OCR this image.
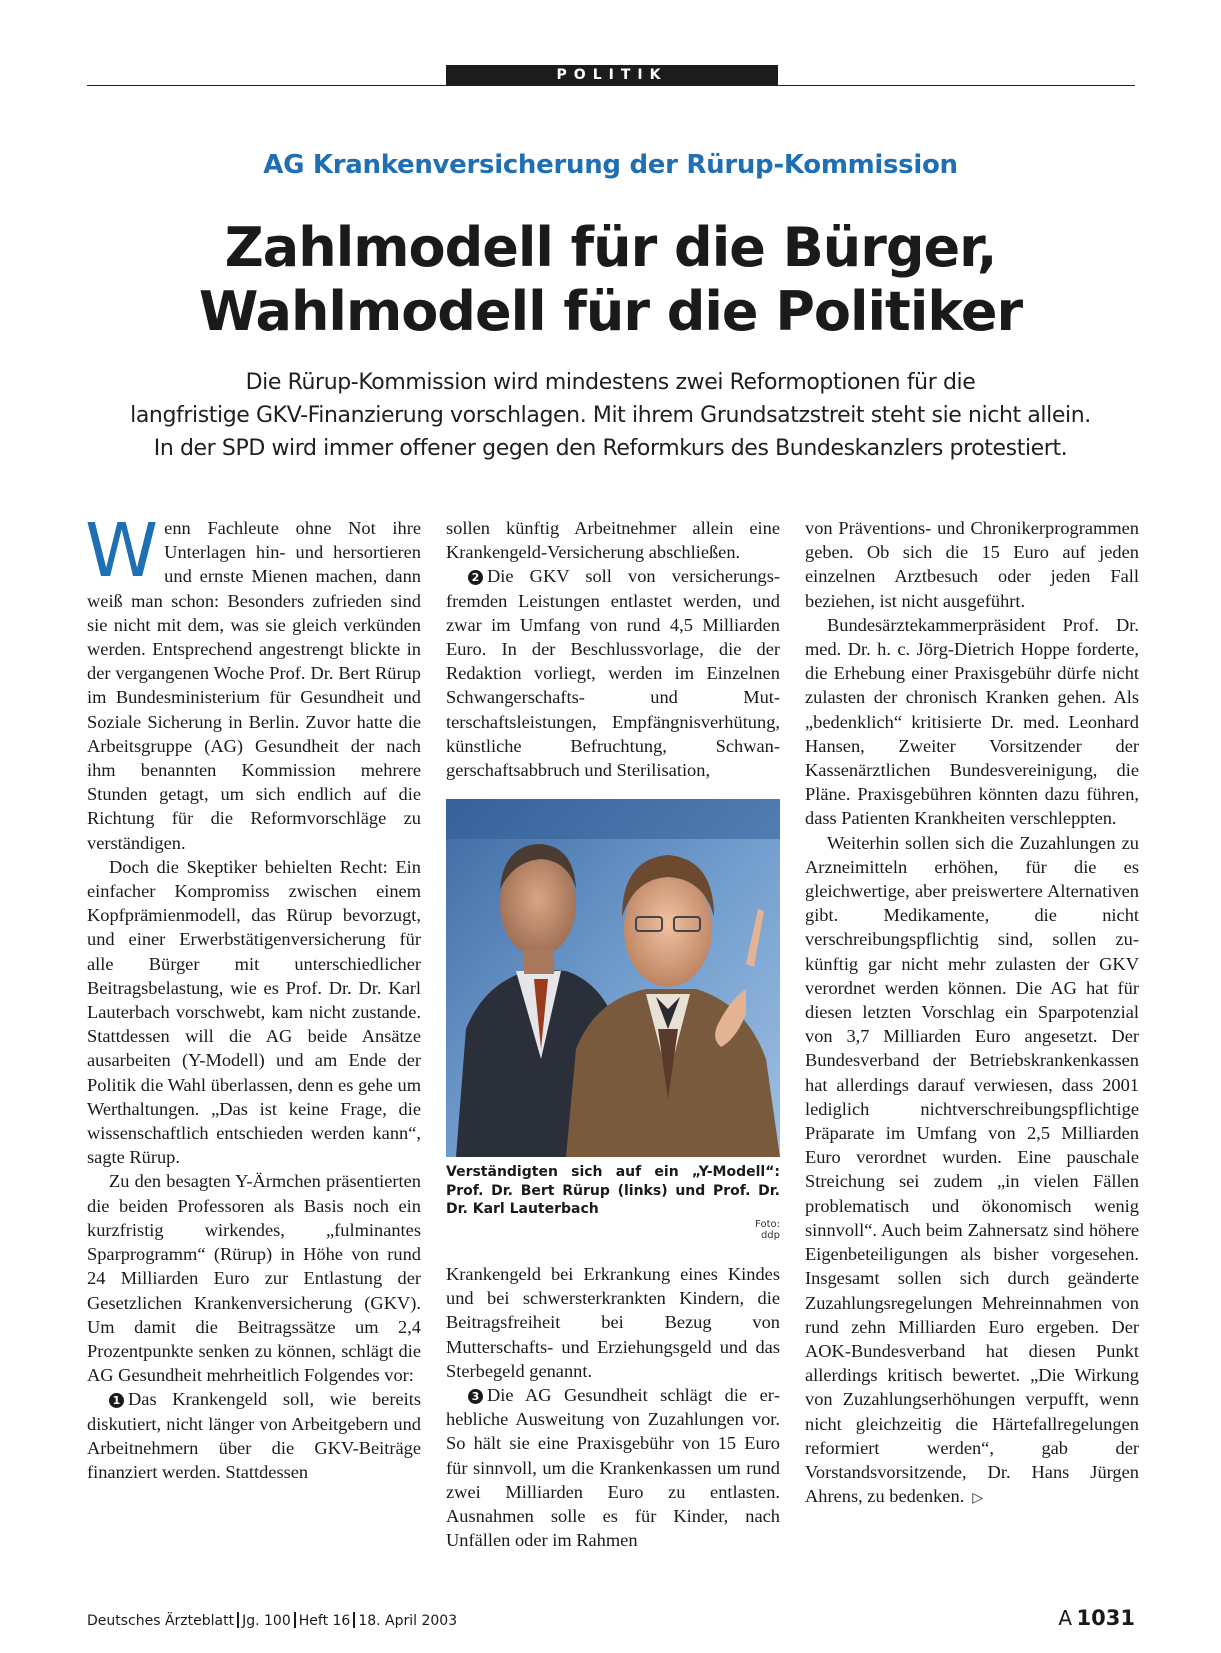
POLITIK
AG Krankenversicherung der Rürup-Kommission
Zahlmodell für die Bürger,
Wahlmodell für die Politiker
Die Rürup-Kommission wird mindestens zwei Reformoptionen für die
langfristige GKV-Finanzierung vorschlagen. Mit ihrem Grundsatzstreit steht sie nicht allein.
In der SPD wird immer offener gegen den Reformkurs des Bundeskanzlers protestiert.

Wenn Fachleute ohne Not ihre Unterlagen hin- und hersortieren und ernste Mienen machen, dann weiß man schon: Besonders zufrieden sind sie nicht mit dem, was sie gleich verkünden werden. Entsprechend angestrengt blickte in der vergangenen Woche Prof. Dr. Bert Rürup im Bundesministerium für Gesundheit und Soziale Sicherung in Berlin. Zuvor hatte die Arbeitsgruppe (AG) Gesundheit der nach ihm benannten Kommission mehrere Stunden getagt, um sich endlich auf die Richtung für die Reformvorschläge zu verständigen.

Doch die Skeptiker behielten Recht: Ein einfacher Kompromiss zwischen einem Kopfprämienmodell, das Rürup bevorzugt, und einer Erwerbstätigenversicherung für alle Bürger mit unterschiedlicher Beitragsbelastung, wie es Prof. Dr. Dr. Karl Lauterbach vorschwebt, kam nicht zustande. Stattdessen will die AG beide Ansätze ausarbeiten (Y-Modell) und am Ende der Politik die Wahl überlassen, denn es gehe um Werthaltungen. „Das ist keine Frage, die wissenschaftlich entschieden werden kann“, sagte Rürup.

Zu den besagten Y-Ärmchen präsentierten die beiden Professoren als Basis noch ein kurzfristig wirkendes, „fulminantes Sparprogramm“ (Rürup) in Höhe von rund 24 Milliarden Euro zur Entlastung der Gesetzlichen Krankenversicherung (GKV). Um damit die Beitragssätze um 2,4 Prozentpunkte senken zu können, schlägt die AG Gesundheit mehrheitlich Folgendes vor:

1 Das Krankengeld soll, wie bereits diskutiert, nicht länger von Arbeitgebern und Arbeitnehmern über die GKV-Beiträge finanziert werden. Stattdessen

sollen künftig Arbeitnehmer allein eine Krankengeld-Versicherung abschließen.

2 Die GKV soll von versicherungsfremden Leistungen entlastet werden, und zwar im Umfang von rund 4,5 Milliarden Euro. In der Beschlussvorlage, die der Redaktion vorliegt, werden im Einzelnen Schwangerschafts- und Mutterschaftsleistungen, Empfängnisverhütung, künstliche Befruchtung, Schwangerschaftsabbruch und Sterilisation,

Verständigten sich auf ein „Y-Modell“: Prof. Dr. Bert Rürup (links) und Prof. Dr. Dr. Karl Lauterbach
Foto: ddp

Krankengeld bei Erkrankung eines Kindes und bei schwersterkrankten Kindern, die Beitragsfreiheit bei Bezug von Mutterschafts- und Erziehungsgeld und das Sterbegeld genannt.

3 Die AG Gesundheit schlägt die erhebliche Ausweitung von Zuzahlungen vor. So hält sie eine Praxisgebühr von 15 Euro für sinnvoll, um die Krankenkassen um rund zwei Milliarden Euro zu entlasten. Ausnahmen solle es für Kinder, nach Unfällen oder im Rahmen

von Präventions- und Chronikerprogrammen geben. Ob sich die 15 Euro auf jeden einzelnen Arztbesuch oder jeden Fall beziehen, ist nicht ausgeführt.

Bundesärztekammerpräsident Prof. Dr. med. Dr. h. c. Jörg-Dietrich Hoppe forderte, die Erhebung einer Praxisgebühr dürfe nicht zulasten der chronisch Kranken gehen. Als „bedenklich“ kritisierte Dr. med. Leonhard Hansen, Zweiter Vorsitzender der Kassenärztlichen Bundesvereinigung, die Pläne. Praxisgebühren könnten dazu führen, dass Patienten Krankheiten verschleppten.

Weiterhin sollen sich die Zuzahlungen zu Arzneimitteln erhöhen, für die es gleichwertige, aber preiswertere Alternativen gibt. Medikamente, die nicht verschreibungspflichtig sind, sollen zukünftig gar nicht mehr zulasten der GKV verordnet werden können. Die AG hat für diesen letzten Vorschlag ein Sparpotenzial von 3,7 Milliarden Euro angesetzt. Der Bundesverband der Betriebskrankenkassen hat allerdings darauf verwiesen, dass 2001 lediglich nichtverschreibungspflichtige Präparate im Umfang von 2,5 Milliarden Euro verordnet wurden. Eine pauschale Streichung sei zudem „in vielen Fällen problematisch und ökonomisch wenig sinnvoll“. Auch beim Zahnersatz sind höhere Eigenbeteiligungen als bisher vorgesehen. Insgesamt sollen sich durch geänderte Zuzahlungsregelungen Mehreinnahmen von rund zehn Milliarden Euro ergeben. Der AOK-Bundesverband hat diesen Punkt allerdings kritisch bewertet. „Die Wirkung von Zuzahlungserhöhungen verpufft, wenn nicht gleichzeitig die Härtefallregelungen reformiert werden“, gab der Vorstandsvorsitzende, Dr. Hans Jürgen Ahrens, zu bedenken. ▷

Deutsches Ärzteblatt Jg. 100 Heft 16 18. April 2003	A 1031
